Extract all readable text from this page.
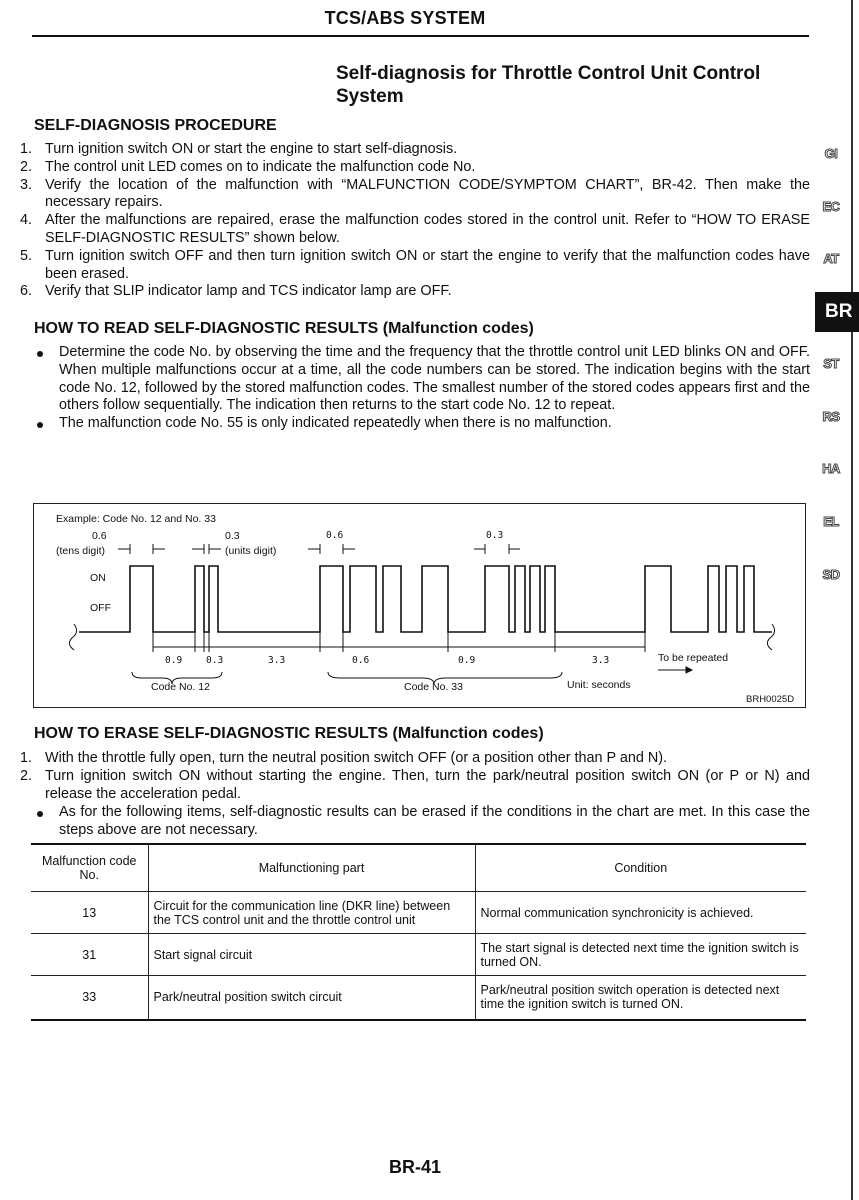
TCS/ABS SYSTEM
Self-diagnosis for Throttle Control Unit Control System
SELF-DIAGNOSIS PROCEDURE
1. Turn ignition switch ON or start the engine to start self-diagnosis.
2. The control unit LED comes on to indicate the malfunction code No.
3. Verify the location of the malfunction with “MALFUNCTION CODE/SYMPTOM CHART”, BR-42. Then make the necessary repairs.
4. After the malfunctions are repaired, erase the malfunction codes stored in the control unit. Refer to “HOW TO ERASE SELF-DIAGNOSTIC RESULTS” shown below.
5. Turn ignition switch OFF and then turn ignition switch ON or start the engine to verify that the malfunction codes have been erased.
6. Verify that SLIP indicator lamp and TCS indicator lamp are OFF.
HOW TO READ SELF-DIAGNOSTIC RESULTS (Malfunction codes)
Determine the code No. by observing the time and the frequency that the throttle control unit LED blinks ON and OFF. When multiple malfunctions occur at a time, all the code numbers can be stored. The indication begins with the start code No. 12, followed by the stored malfunction codes. The smallest number of the stored codes appears first and the others follow sequentially. The indication then returns to the start code No. 12 to repeat.
The malfunction code No. 55 is only indicated repeatedly when there is no malfunction.
Example: Code No. 12 and No. 33
0.6
(tens digit)
0.3
(units digit)
0.6	0.3
ON
OFF
0.9	0.3	3.3	0.6	0.9	3.3	To be repeated
Code No. 12	Code No. 33	Unit: seconds
BRH0025D
HOW TO ERASE SELF-DIAGNOSTIC RESULTS (Malfunction codes)
1. With the throttle fully open, turn the neutral position switch OFF (or a position other than P and N).
2. Turn ignition switch ON without starting the engine. Then, turn the park/neutral position switch ON (or P or N) and release the acceleration pedal.
As for the following items, self-diagnostic results can be erased if the conditions in the chart are met. In this case the steps above are not necessary.
Malfunction code No.	Malfunctioning part	Condition
13	Circuit for the communication line (DKR line) between the TCS control unit and the throttle control unit	Normal communication synchronicity is achieved.
31	Start signal circuit	The start signal is detected next time the ignition switch is turned ON.
33	Park/neutral position switch circuit	Park/neutral position switch operation is detected next time the ignition switch is turned ON.
GI
EC
AT
BR
ST
RS
HA
EL
SD
BR-41
